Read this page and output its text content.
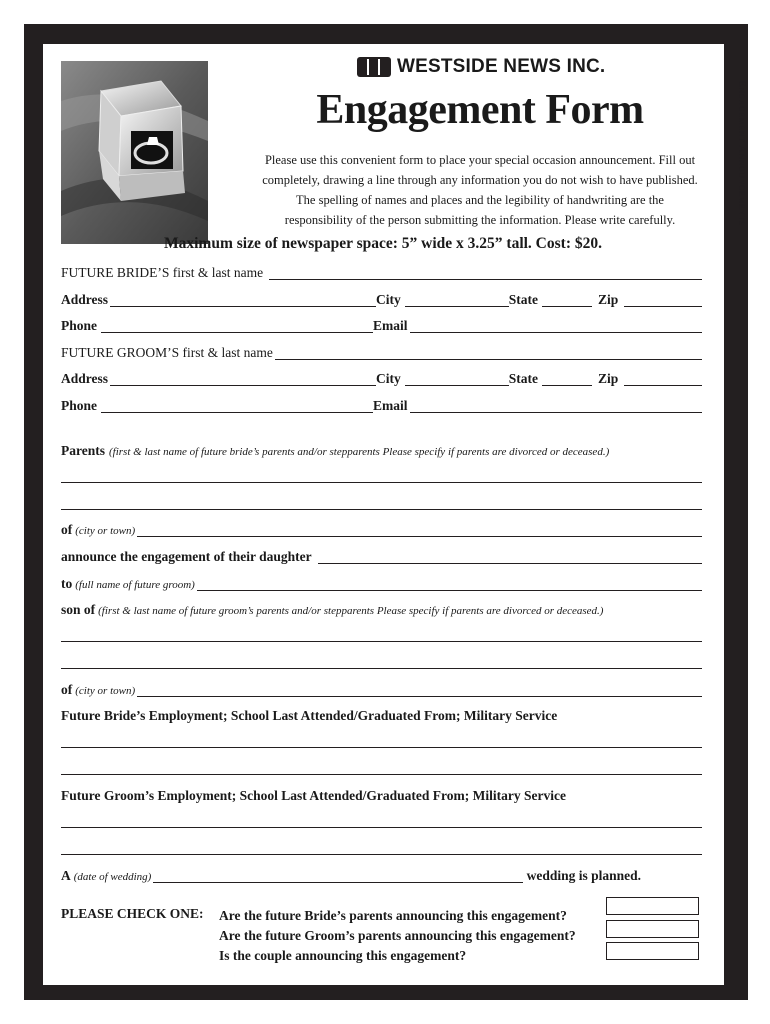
Engagement Announcements
WESTSIDE NEWS INC.
Engagement Form
Please use this convenient form to place your special occasion announcement. Fill out completely, drawing a line through any information you do not wish to have published. The spelling of names and places and the legibility of handwriting are the responsibility of the person submitting the information. Please write carefully.
Maximum size of newspaper space: 5” wide x 3.25” tall. Cost: $20.
FUTURE BRIDE’S first & last name
Address	City	State	Zip
Phone	Email
FUTURE GROOM’S first & last name
Address	City	State	Zip
Phone	Email
Parents (first & last name of future bride’s parents and/or stepparents Please specify if parents are divorced or deceased.)
of (city or town)
announce the engagement of their daughter
to (full name of future groom)
son of (first & last name of future groom’s parents and/or stepparents Please specify if parents are divorced or deceased.)
of (city or town)
Future Bride’s Employment; School Last Attended/Graduated From; Military Service
Future Groom’s Employment; School Last Attended/Graduated From; Military Service
A (date of wedding)	wedding is planned.
PLEASE CHECK ONE: Are the future Bride’s parents announcing this engagement?
Are the future Groom’s parents announcing this engagement?
Is the couple announcing this engagement?
